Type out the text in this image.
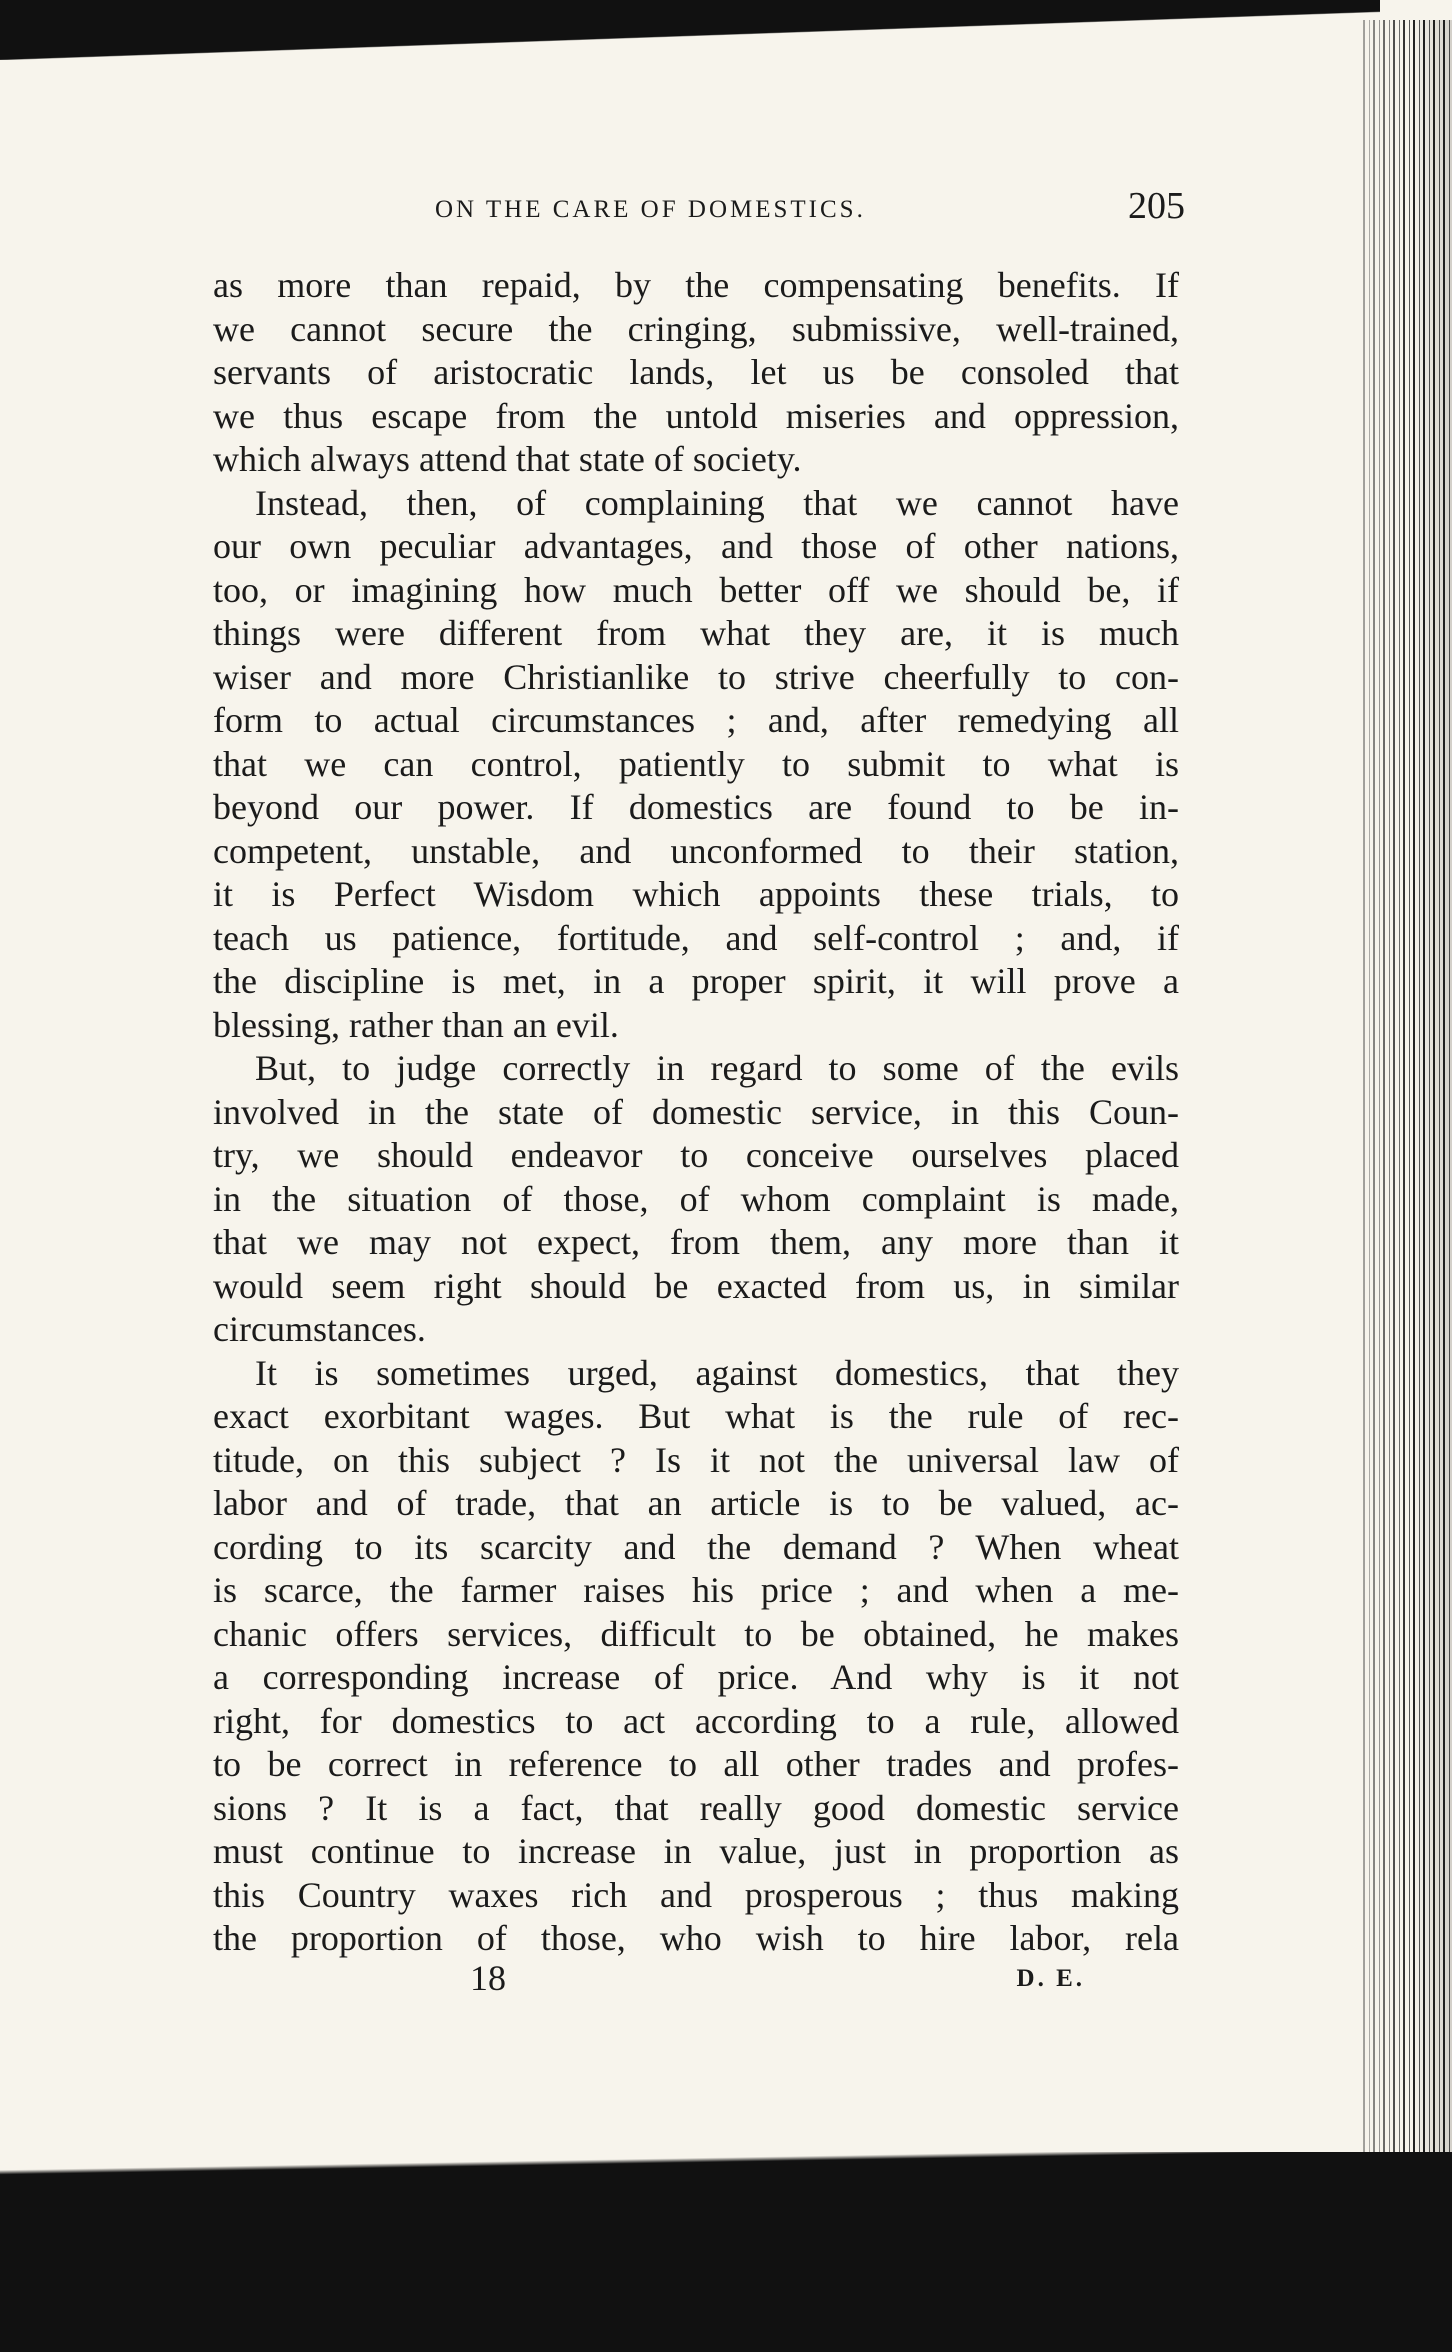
ON THE CARE OF DOMESTICS.	205
as more than repaid, by the compensating benefits. If
we cannot secure the cringing, submissive, well-trained,
servants of aristocratic lands, let us be consoled that
we thus escape from the untold miseries and oppression,
which always attend that state of society.
Instead, then, of complaining that we cannot have
our own peculiar advantages, and those of other nations,
too, or imagining how much better off we should be, if
things were different from what they are, it is much
wiser and more Christianlike to strive cheerfully to con-
form to actual circumstances ; and, after remedying all
that we can control, patiently to submit to what is
beyond our power. If domestics are found to be in-
competent, unstable, and unconformed to their station,
it is Perfect Wisdom which appoints these trials, to
teach us patience, fortitude, and self-control ; and, if
the discipline is met, in a proper spirit, it will prove a
blessing, rather than an evil.
But, to judge correctly in regard to some of the evils
involved in the state of domestic service, in this Coun-
try, we should endeavor to conceive ourselves placed
in the situation of those, of whom complaint is made,
that we may not expect, from them, any more than it
would seem right should be exacted from us, in similar
circumstances.
It is sometimes urged, against domestics, that they
exact exorbitant wages. But what is the rule of rec-
titude, on this subject ? Is it not the universal law of
labor and of trade, that an article is to be valued, ac-
cording to its scarcity and the demand ? When wheat
is scarce, the farmer raises his price ; and when a me-
chanic offers services, difficult to be obtained, he makes
a corresponding increase of price. And why is it not
right, for domestics to act according to a rule, allowed
to be correct in reference to all other trades and profes-
sions ? It is a fact, that really good domestic service
must continue to increase in value, just in proportion as
this Country waxes rich and prosperous ; thus making
the proportion of those, who wish to hire labor, rela
18	D. E.
